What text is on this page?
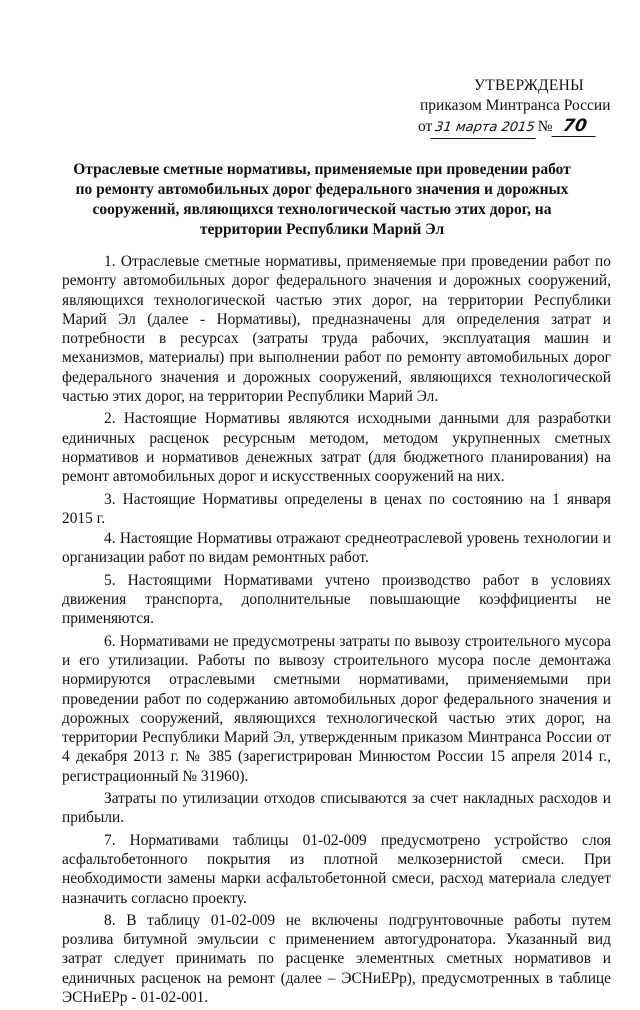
УТВЕРЖДЕНЫ
приказом Минтранса России
от 31 марта 2015 № 70
Отраслевые сметные нормативы, применяемые при проведении работ по ремонту автомобильных дорог федерального значения и дорожных сооружений, являющихся технологической частью этих дорог, на территории Республики Марий Эл

1. Отраслевые сметные нормативы, применяемые при проведении работ по ремонту автомобильных дорог федерального значения и дорожных сооружений, являющихся технологической частью этих дорог, на территории Республики Марий Эл (далее - Нормативы), предназначены для определения затрат и потребности в ресурсах (затраты труда рабочих, эксплуатация машин и механизмов, материалы) при выполнении работ по ремонту автомобильных дорог федерального значения и дорожных сооружений, являющихся технологической частью этих дорог, на территории Республики Марий Эл.

2. Настоящие Нормативы являются исходными данными для разработки единичных расценок ресурсным методом, методом укрупненных сметных нормативов и нормативов денежных затрат (для бюджетного планирования) на ремонт автомобильных дорог и искусственных сооружений на них.

3. Настоящие Нормативы определены в ценах по состоянию на 1 января 2015 г.

4. Настоящие Нормативы отражают среднеотраслевой уровень технологии и организации работ по видам ремонтных работ.

5. Настоящими Нормативами учтено производство работ в условиях движения транспорта, дополнительные повышающие коэффициенты не применяются.

6. Нормативами не предусмотрены затраты по вывозу строительного мусора и его утилизации. Работы по вывозу строительного мусора после демонтажа нормируются отраслевыми сметными нормативами, применяемыми при проведении работ по содержанию автомобильных дорог федерального значения и дорожных сооружений, являющихся технологической частью этих дорог, на территории Республики Марий Эл, утвержденным приказом Минтранса России от 4 декабря 2013 г. № 385 (зарегистрирован Минюстом России 15 апреля 2014 г., регистрационный № 31960).

Затраты по утилизации отходов списываются за счет накладных расходов и прибыли.

7. Нормативами таблицы 01-02-009 предусмотрено устройство слоя асфальтобетонного покрытия из плотной мелкозернистой смеси. При необходимости замены марки асфальтобетонной смеси, расход материала следует назначить согласно проекту.

8. В таблицу 01-02-009 не включены подгрунтовочные работы путем розлива битумной эмульсии с применением автогудронатора. Указанный вид затрат следует принимать по расценке элементных сметных нормативов и единичных расценок на ремонт (далее – ЭСНиЕРр), предусмотренных в таблице ЭСНиЕРр - 01-02-001.
